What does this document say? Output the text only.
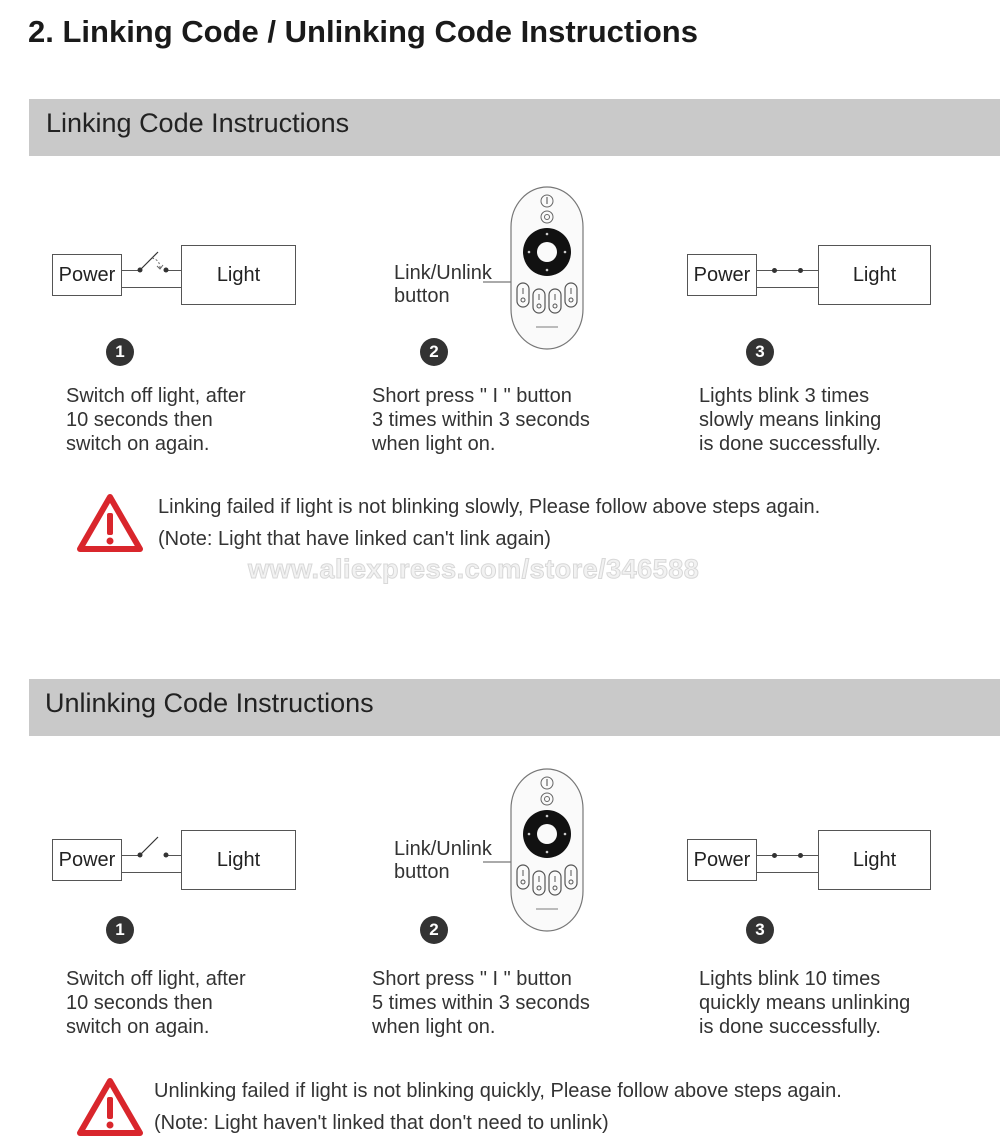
2. Linking Code / Unlinking Code Instructions
Linking Code Instructions
Power	Light	Link/Unlink
button
Power	Light
1	2	3
Switch off light, after
10 seconds then
switch on again.
Short press " I " button
3 times within 3 seconds
when light on.
Lights blink 3 times
slowly means linking
is done successfully.
Linking failed if light is not blinking slowly, Please follow above steps again.
(Note: Light that have linked can't link again)
www.aliexpress.com/store/346588
Unlinking Code Instructions
Power	Light	Link/Unlink
button
Power	Light
1	2	3
Switch off light, after
10 seconds then
switch on again.
Short press " I " button
5 times within 3 seconds
when light on.
Lights blink 10 times
quickly means unlinking
is done successfully.
Unlinking failed if light is not blinking quickly, Please follow above steps again.
(Note: Light haven't linked that don't need to unlink)
